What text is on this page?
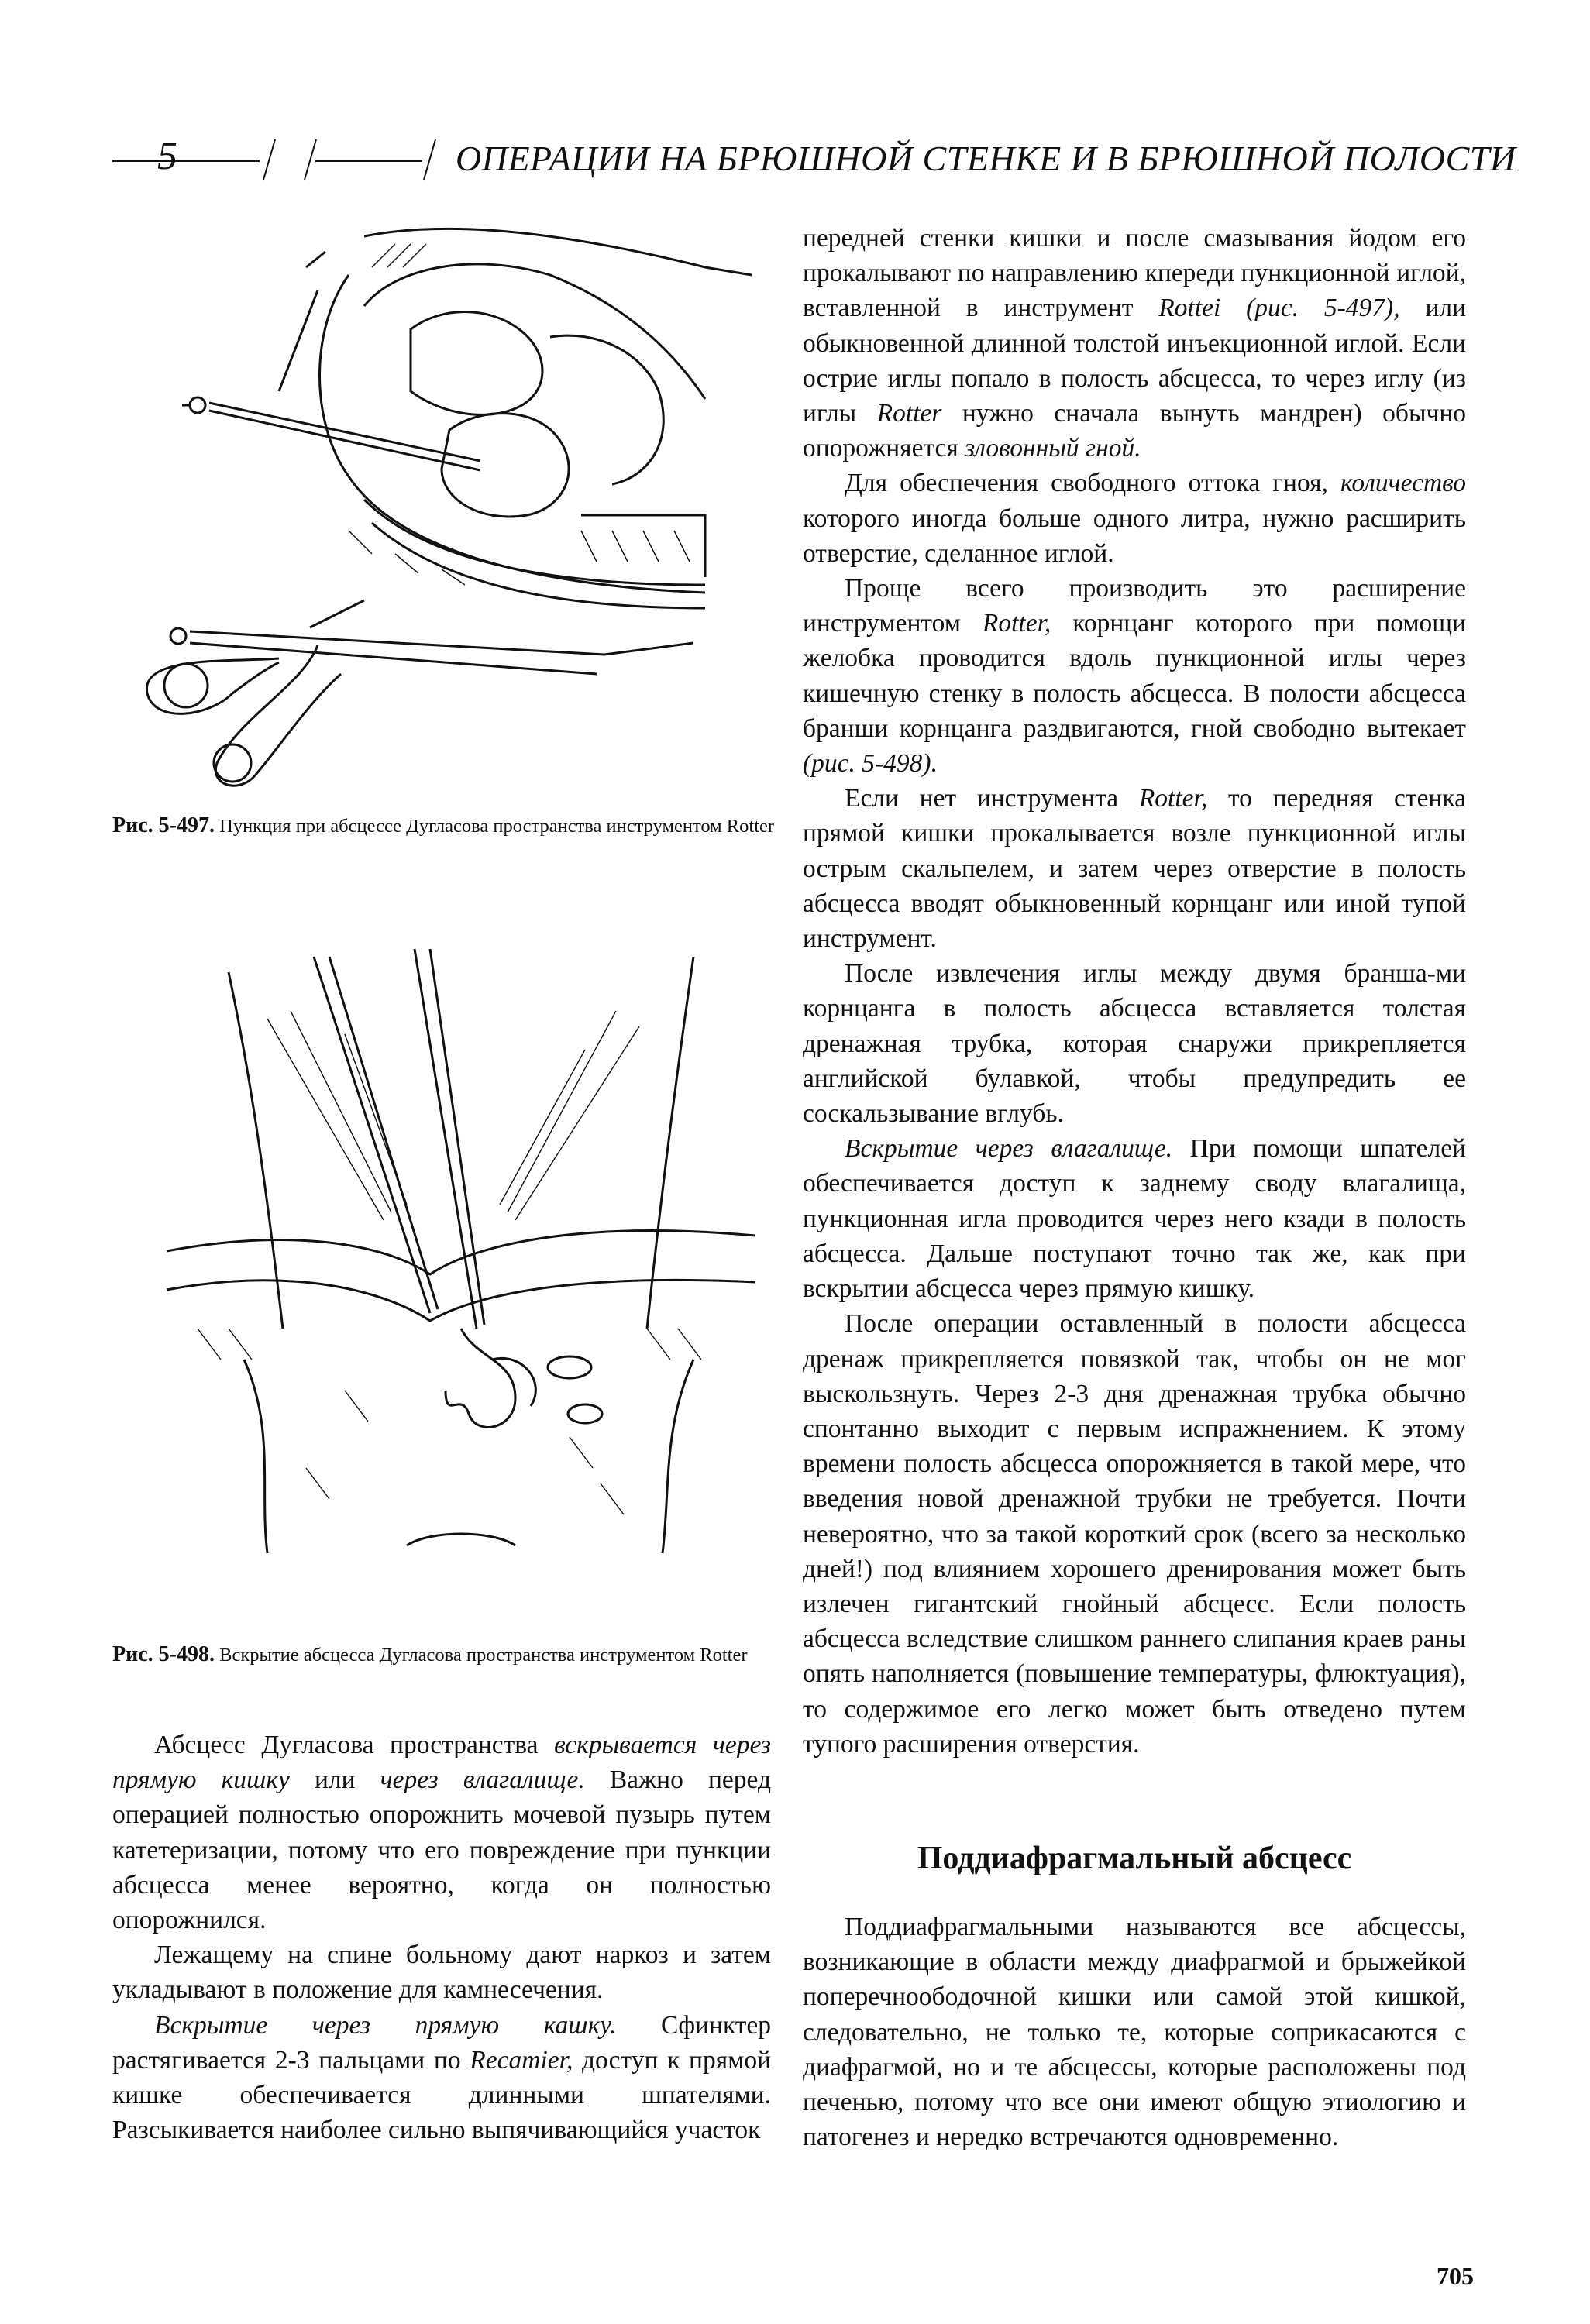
5	ОПЕРАЦИИ НА БРЮШНОЙ СТЕНКЕ И В БРЮШНОЙ ПОЛОСТИ
Рис. 5-497. Пункция при абсцессе Дугласова пространства инструментом Rotter
Рис. 5-498. Вскрытие абсцесса Дугласова пространства инструментом Rotter

Абсцесс Дугласова пространства вскрывается через прямую кишку или через влагалище. Важно перед операцией полностью опорожнить мочевой пузырь путем катетеризации, потому что его повреждение при пункции абсцесса менее вероятно, когда он полностью опорожнился.

Лежащему на спине больному дают наркоз и затем укладывают в положение для камнесечения.

Вскрытие через прямую кашку. Сфинктер растягивается 2-3 пальцами по Recamier, доступ к прямой кишке обеспечивается длинными шпателями. Разсыкивается наиболее сильно выпячивающийся участок

передней стенки кишки и после смазывания йодом его прокалывают по направлению кпереди пункционной иглой, вставленной в инструмент Rottei (рис. 5-497), или обыкновенной длинной толстой инъекционной иглой. Если острие иглы попало в полость абсцесса, то через иглу (из иглы Rotter нужно сначала вынуть мандрен) обычно опорожняется зловонный гной.

Для обеспечения свободного оттока гноя, количество которого иногда больше одного литра, нужно расширить отверстие, сделанное иглой.

Проще всего производить это расширение инструментом Rotter, корнцанг которого при помощи желобка проводится вдоль пункционной иглы через кишечную стенку в полость абсцесса. В полости абсцесса бранши корнцанга раздвигаются, гной свободно вытекает (рис. 5-498).

Если нет инструмента Rotter, то передняя стенка прямой кишки прокалывается возле пункционной иглы острым скальпелем, и затем через отверстие в полость абсцесса вводят обыкновенный корнцанг или иной тупой инструмент.

После извлечения иглы между двумя бранша-ми корнцанга в полость абсцесса вставляется толстая дренажная трубка, которая снаружи прикрепляется английской булавкой, чтобы предупредить ее соскальзывание вглубь.

Вскрытие через влагалище. При помощи шпателей обеспечивается доступ к заднему своду влагалища, пункционная игла проводится через него кзади в полость абсцесса. Дальше поступают точно так же, как при вскрытии абсцесса через прямую кишку.

После операции оставленный в полости абсцесса дренаж прикрепляется повязкой так, чтобы он не мог выскользнуть. Через 2-3 дня дренажная трубка обычно спонтанно выходит с первым испражнением. К этому времени полость абсцесса опорожняется в такой мере, что введения новой дренажной трубки не требуется. Почти невероятно, что за такой короткий срок (всего за несколько дней!) под влиянием хорошего дренирования может быть излечен гигантский гнойный абсцесс. Если полость абсцесса вследствие слишком раннего слипания краев раны опять наполняется (повышение температуры, флюктуация), то содержимое его легко может быть отведено путем тупого расширения отверстия.

Поддиафрагмальный абсцесс

Поддиафрагмальными называются все абсцессы, возникающие в области между диафрагмой и брыжейкой поперечноободочной кишки или самой этой кишкой, следовательно, не только те, которые соприкасаются с диафрагмой, но и те абсцессы, которые расположены под печенью, потому что все они имеют общую этиологию и патогенез и нередко встречаются одновременно.

705
